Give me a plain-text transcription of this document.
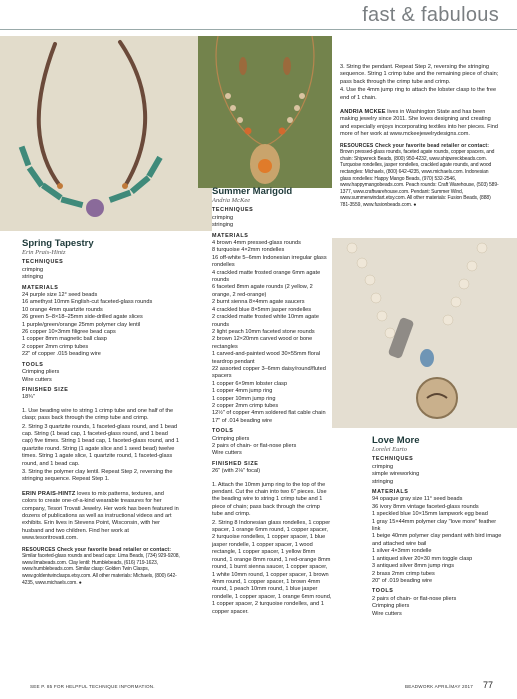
fast & fabulous
Spring Tapestry
Erin Prais-Hintz
TECHNIQUES
crimping
stringing
MATERIALS
24 purple size 12° seed beads
16 amethyst 10mm English-cut faceted-glass rounds
10 orange 4mm quartzite rounds
26 green 5–8×18–25mm side-drilled agate slices
1 purple/green/orange 25mm polymer clay lentil
26 copper 10×3mm filigree bead caps
1 copper 8mm magnetic ball clasp
2 copper 2mm crimp tubes
22" of copper .015 beading wire
TOOLS
Crimping pliers
Wire cutters
FINISHED SIZE
18¾"

1. Use beading wire to string 1 crimp tube and one half of the clasp; pass back through the crimp tube and crimp.

2. String 3 quartzite rounds, 1 faceted-glass round, and 1 bead cap. String (1 bead cap, 1 faceted-glass round, and 1 bead cap) five times. String 1 bead cap, 1 faceted-glass round, and 1 quartzite round. String (1 agate slice and 1 seed bead) twelve times. String 1 agate slice, 1 quartzite round, 1 faceted-glass round, and 1 bead cap.

3. String the polymer clay lentil. Repeat Step 2, reversing the stringing sequence. Repeat Step 1.

ERIN PRAIS-HINTZ loves to mix patterns, textures, and colors to create one-of-a-kind wearable treasures for her company, Tesori Trovati Jewelry. Her work has been featured in dozens of publications as well as instructional videos and art exhibits. Erin lives in Stevens Point, Wisconsin, with her husband and two children. Find her work at www.tesoritrovati.com.

RESOURCES Check your favorite bead retailer or contact: Similar faceted-glass rounds and bead caps: Lima Beads, (734) 929-9208, www.limabeads.com. Clay lentil: Humblebeads, (616) 719-1623, www.humblebeads.com. Similar clasp: Golden Twin Clasps, www.goldentwinclasps.etsy.com. All other materials: Michaels, (800) 642-4235, www.michaels.com. ●

Summer Marigold
Andria McKee
TECHNIQUES
crimping
stringing
MATERIALS
4 brown 4mm pressed-glass rounds
8 turquoise 4×2mm rondelles
16 off-white 5–6mm Indonesian irregular glass rondelles
4 crackled matte frosted orange 6mm agate rounds
6 faceted 8mm agate rounds (2 yellow, 2 orange, 2 red-orange)
2 burnt sienna 8×4mm agate saucers
4 crackled blue 8×5mm jasper rondelles
2 crackled matte frosted white 10mm agate rounds
2 light peach 10mm faceted stone rounds
2 brown 12×20mm carved wood or bone rectangles
1 carved-and-painted wood 30×55mm floral teardrop pendant
22 assorted copper 3–6mm daisy/round/fluted spacers
1 copper 6×9mm lobster clasp
1 copper 4mm jump ring
1 copper 10mm jump ring
2 copper 2mm crimp tubes
12½" of copper 4mm soldered flat cable chain
17" of .014 beading wire
TOOLS
Crimping pliers
2 pairs of chain- or flat-nose pliers
Wire cutters
FINISHED SIZE
26" (with 2⅛" focal)

1. Attach the 10mm jump ring to the top of the pendant. Cut the chain into two 6" pieces. Use the beading wire to string 1 crimp tube and 1 piece of chain; pass back through the crimp tube and crimp.

2. String 8 Indonesian glass rondelles, 1 copper spacer, 1 orange 6mm round, 1 copper spacer, 2 turquoise rondelles, 1 copper spacer, 1 blue jasper rondelle, 1 copper spacer, 1 wood rectangle, 1 copper spacer, 1 yellow 8mm round, 1 orange 8mm round, 1 red-orange 8mm round, 1 burnt sienna saucer, 1 copper spacer, 1 white 10mm round, 1 copper spacer, 1 brown 4mm round, 1 copper spacer, 1 brown 4mm round, 1 peach 10mm round, 1 blue jasper rondelle, 1 copper spacer, 1 orange 6mm round, 1 copper spacer, 2 turquoise rondelles, and 1 copper spacer.

3. String the pendant. Repeat Step 2, reversing the stringing sequence. String 1 crimp tube and the remaining piece of chain; pass back through the crimp tube and crimp.

4. Use the 4mm jump ring to attach the lobster clasp to the free end of 1 chain.

ANDRIA MCKEE lives in Washington State and has been making jewelry since 2011. She loves designing and creating and especially enjoys incorporating textiles into her pieces. Find more of her work at www.mckeejewelrydesigns.com.

RESOURCES Check your favorite bead retailer or contact: Brown pressed-glass rounds, faceted agate rounds, copper spacers, and chain: Shipwreck Beads, (800) 950-4232, www.shipwreckbeads.com. Turquoise rondelles, jasper rondelles, crackled agate rounds, and wood rectangles: Michaels, (800) 642-4235, www.michaels.com. Indonesian glass rondelles: Happy Mango Beads, (970) 532-2546, www.happymangobeads.com. Peach rounds: Craft Warehouse, (503) 589-1377, www.craftwarehouse.com. Pendant: Summer Wind, www.summerwindart.etsy.com. All other materials: Fusion Beads, (888) 781-3559, www.fusionbeads.com. ●

Love More
Lorelei Eurto
TECHNIQUES
crimping
simple wireworking
stringing
MATERIALS
94 opaque gray size 11° seed beads
36 ivory 8mm vintage faceted-glass rounds
1 speckled blue 10×15mm lampwork egg bead
1 gray 15×44mm polymer clay "love more" feather link
1 beige 40mm polymer clay pendant with bird image and attached wire bail
1 silver 4×3mm rondelle
1 antiqued silver 20×30 mm toggle clasp
3 antiqued silver 8mm jump rings
2 brass 2mm crimp tubes
20" of .019 beading wire
TOOLS
2 pairs of chain- or flat-nose pliers
Crimping pliers
Wire cutters
SEE P. 85 FOR HELPFUL TECHNIQUE INFORMATION.	BEADWORK APRIL/MAY 2017 77
